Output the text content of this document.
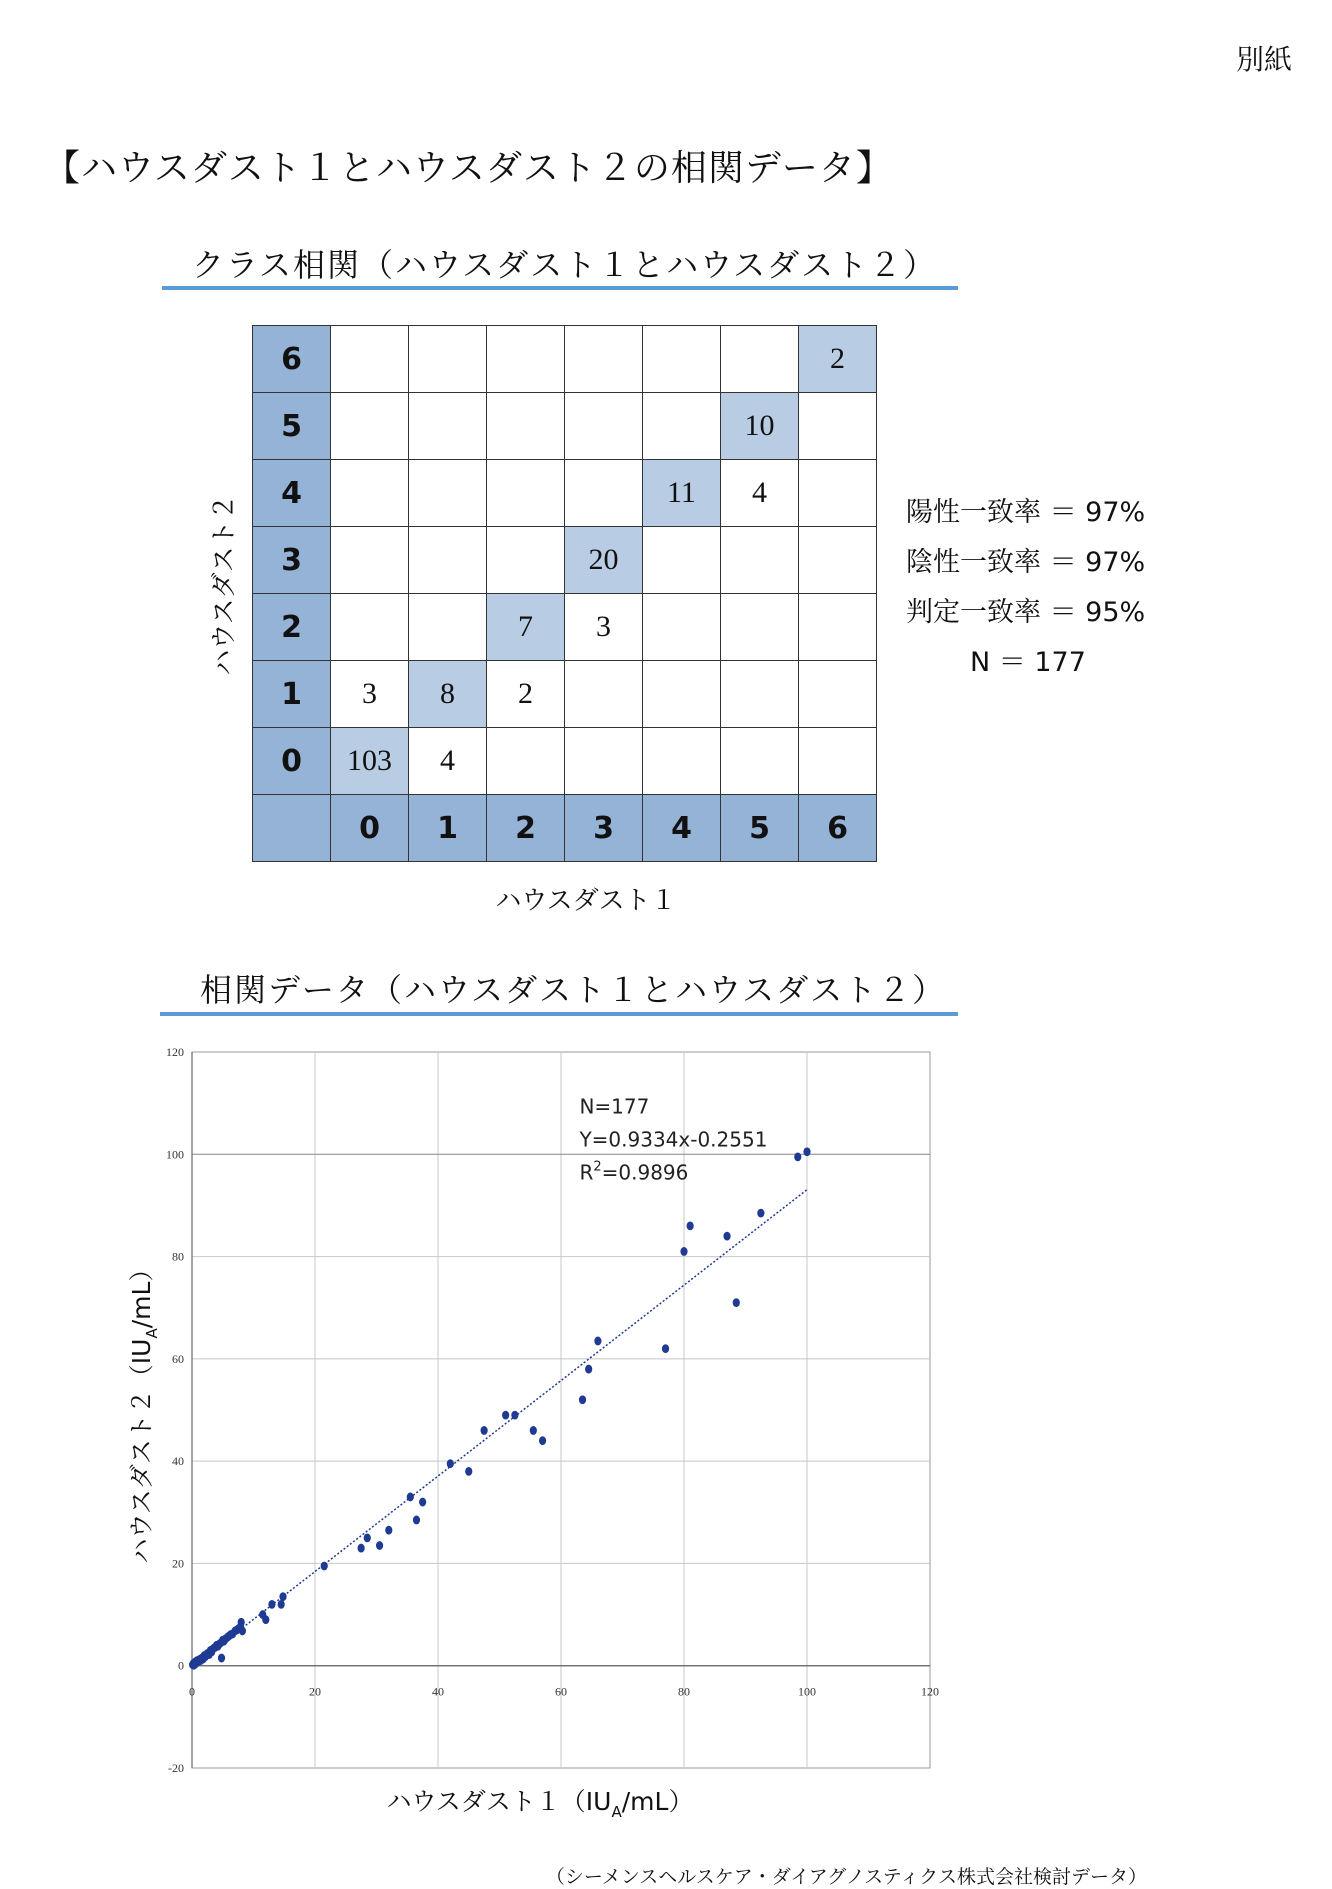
別紙
【ハウスダスト１とハウスダスト２の相関データ】
クラス相関（ハウスダスト１とハウスダスト２）
6							2
5						10	
4					11	4	
3				20			
2			7	3			
1	3	8	2				
0	103	4					
	0	1	2	3	4	5	6
ハウスダスト２
ハウスダスト１
陽性一致率 ＝ 97%
陰性一致率 ＝ 97%
判定一致率 ＝ 95%
N ＝ 177
相関データ（ハウスダスト１とハウスダスト２）
0	20	40	60	80	100	120
-20
0
20
40
60
80
100
120
N=177
Y=0.9334x-0.2551
$R^2=0.9896$
ハウスダスト$1(IU_A/mL)$
ハウスダスト$2(IU_A/mL)$
（シーメンスヘルスケア・ダイアグノスティクス株式会社検討データ）
